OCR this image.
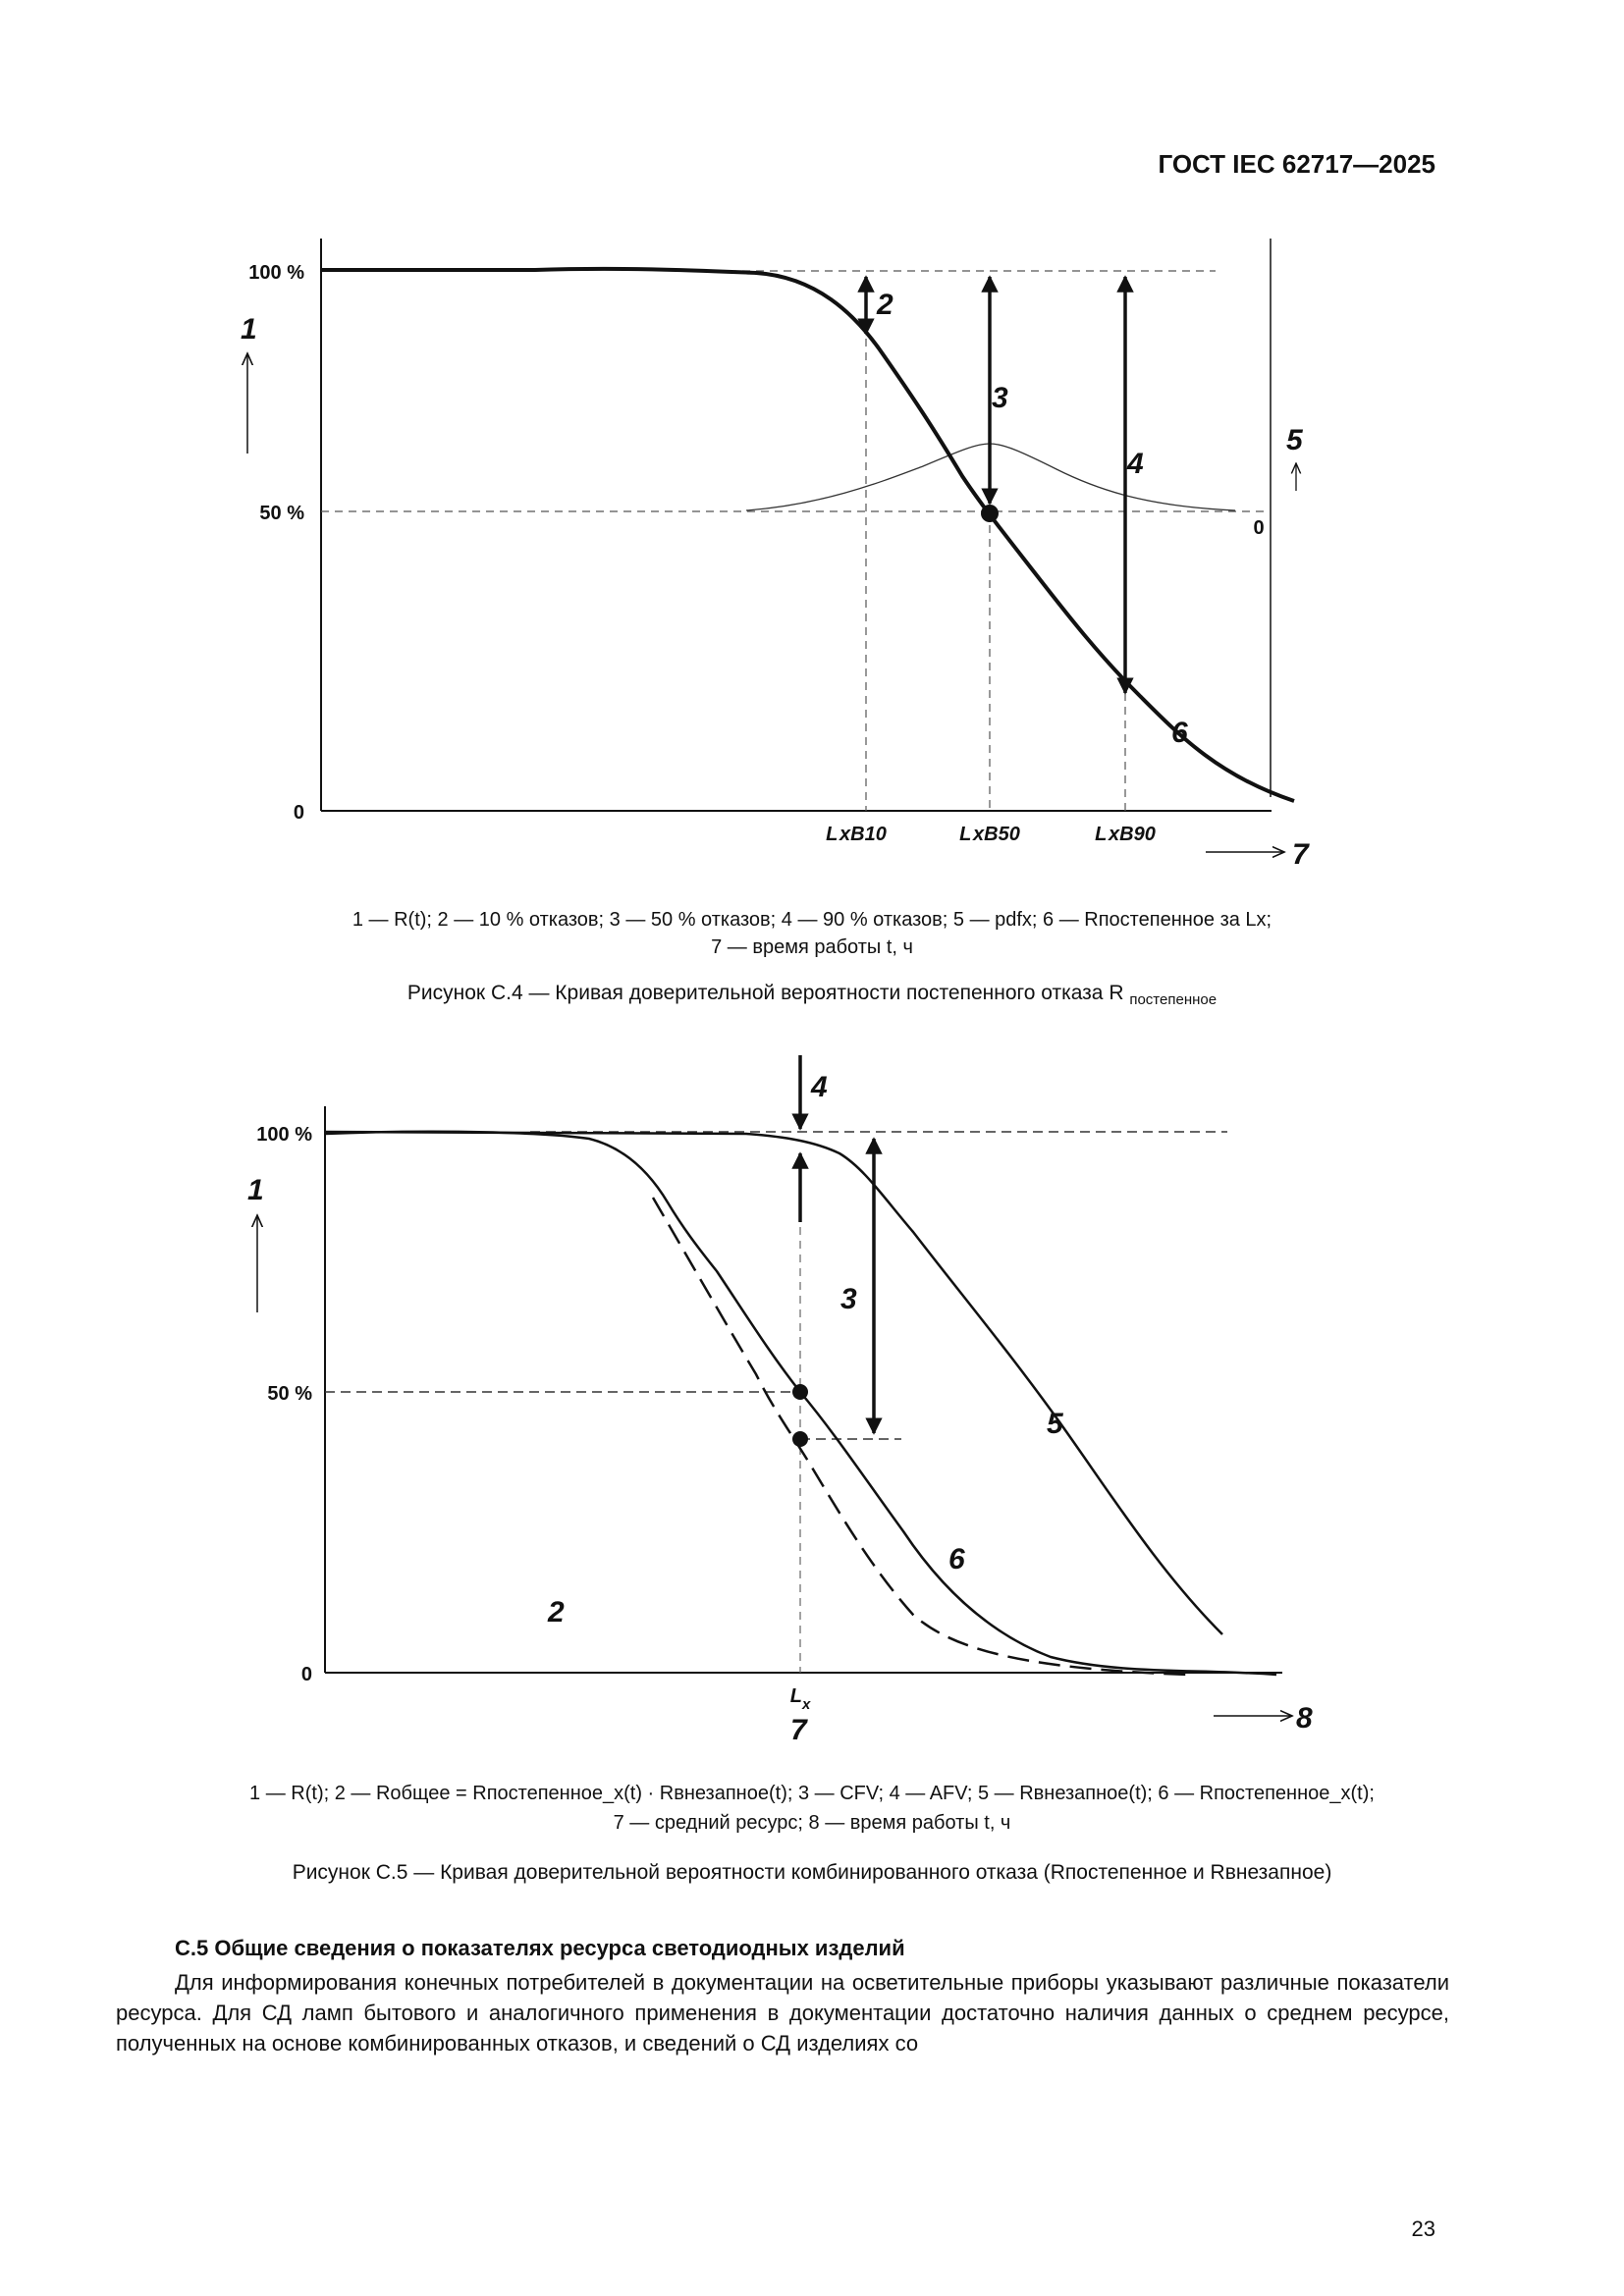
ГОСТ IEC 62717—2025
100 %
50 %
0
0
L xB10	L xB50	L xB90
1
2
3
4
5
6
7
1 — R(t); 2 — 10 % отказов; 3 — 50 % отказов; 4 — 90 % отказов; 5 — pdfx; 6 — Rпостепенное за Lx;
7 — время работы t, ч
Рисунок С.4 — Кривая доверительной вероятности постепенного отказа R $_{постепенное}$
100 %
50 %
0
$L_x$
1
2
3
4
5
6
7	8
1 — R(t); 2 — Rобщее = Rпостепенное_x(t) · Rвнезапное(t); 3 — CFV; 4 — AFV; 5 — Rвнезапное(t); 6 — Rпостепенное_x(t);
7 — средний ресурс; 8 — время работы t, ч
Рисунок С.5 — Кривая доверительной вероятности комбинированного отказа (Rпостепенное и Rвнезапное)
С.5 Общие сведения о показателях ресурса светодиодных изделий
Для информирования конечных потребителей в документации на осветительные приборы указывают различные показатели ресурса. Для СД ламп бытового и аналогичного применения в документации достаточно наличия данных о среднем ресурсе, полученных на основе комбинированных отказов, и сведений о СД изделиях со
23
